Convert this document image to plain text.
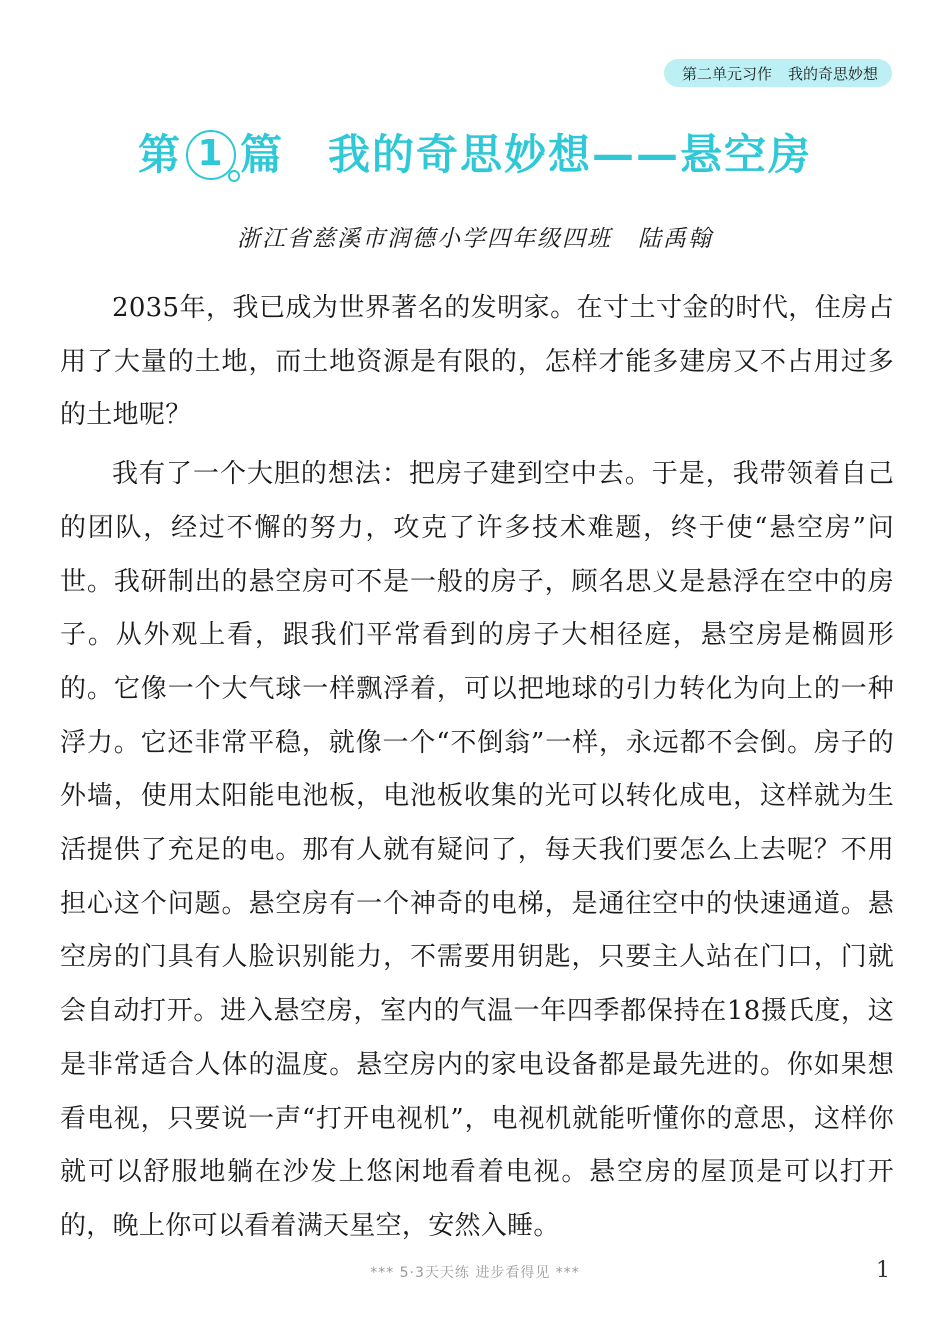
第二单元习作 我的奇思妙想
第 1 篇 我的奇思妙想——悬空房
浙江省慈溪市润德小学四年级四班 陆禹翰

2035年，我已成为世界著名的发明家。在寸土寸金的时代，住房占用了大量的土地，而土地资源是有限的，怎样才能多建房又不占用过多的土地呢？

我有了一个大胆的想法：把房子建到空中去。于是，我带领着自己的团队，经过不懈的努力，攻克了许多技术难题，终于使“悬空房”问世。我研制出的悬空房可不是一般的房子，顾名思义是悬浮在空中的房子。从外观上看，跟我们平常看到的房子大相径庭，悬空房是椭圆形的。它像一个大气球一样飘浮着，可以把地球的引力转化为向上的一种浮力。它还非常平稳，就像一个“不倒翁”一样，永远都不会倒。房子的外墙，使用太阳能电池板，电池板收集的光可以转化成电，这样就为生活提供了充足的电。那有人就有疑问了，每天我们要怎么上去呢？不用担心这个问题。悬空房有一个神奇的电梯，是通往空中的快速通道。悬空房的门具有人脸识别能力，不需要用钥匙，只要主人站在门口，门就会自动打开。进入悬空房，室内的气温一年四季都保持在18摄氏度，这是非常适合人体的温度。悬空房内的家电设备都是最先进的。你如果想看电视，只要说一声“打开电视机”，电视机就能听懂你的意思，这样你就可以舒服地躺在沙发上悠闲地看着电视。悬空房的屋顶是可以打开的，晚上你可以看着满天星空，安然入睡。

*** 5·3天天练 进步看得见 ***	1
